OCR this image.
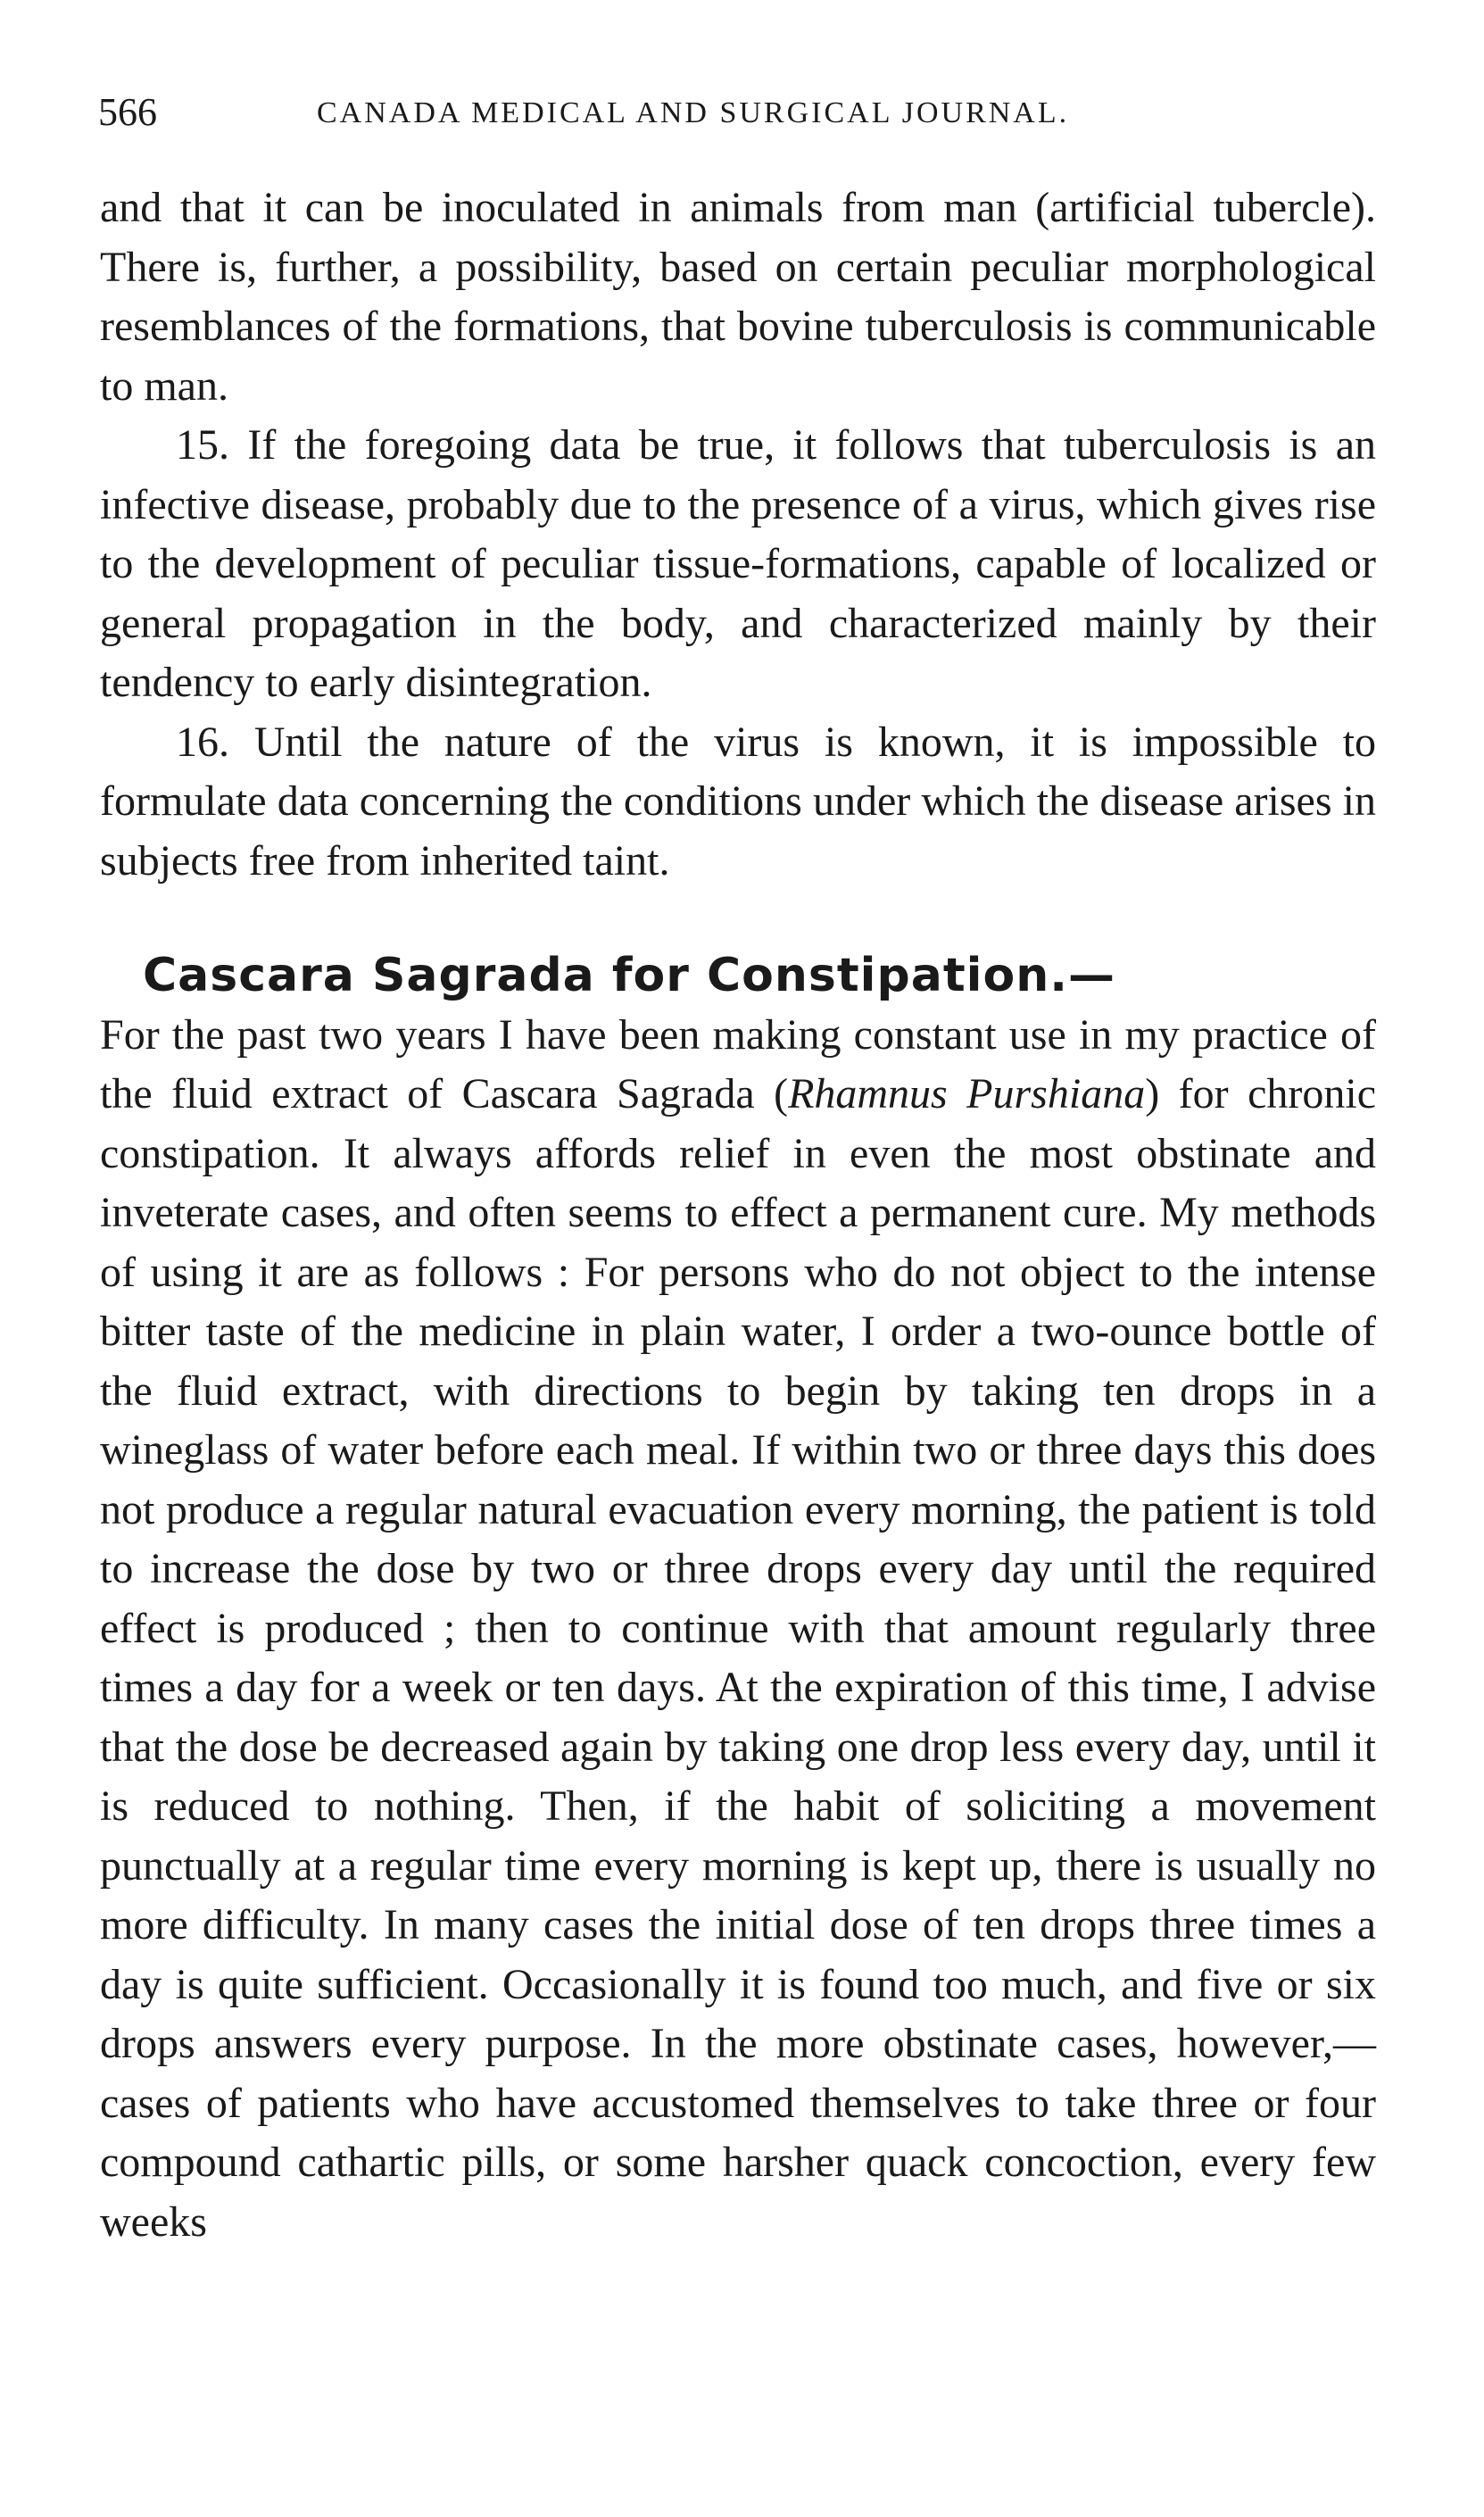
566	CANADA MEDICAL AND SURGICAL JOURNAL.

and that it can be inoculated in animals from man (artificial tubercle). There is, further, a possibility, based on certain peculiar morphological resemblances of the formations, that bovine tuberculosis is communicable to man.

15. If the foregoing data be true, it follows that tuberculosis is an infective disease, probably due to the presence of a virus, which gives rise to the development of peculiar tissue-formations, capable of localized or general propagation in the body, and characterized mainly by their tendency to early disintegration.

16. Until the nature of the virus is known, it is impossible to formulate data concerning the conditions under which the disease arises in subjects free from inherited taint.

Cascara Sagrada for Constipation.—

For the past two years I have been making constant use in my practice of the fluid extract of Cascara Sagrada (Rhamnus Purshiana) for chronic constipation. It always affords relief in even the most obstinate and inveterate cases, and often seems to effect a permanent cure. My methods of using it are as follows : For persons who do not object to the intense bitter taste of the medicine in plain water, I order a two-ounce bottle of the fluid extract, with directions to begin by taking ten drops in a wineglass of water before each meal. If within two or three days this does not produce a regular natural evacuation every morning, the patient is told to increase the dose by two or three drops every day until the required effect is produced ; then to continue with that amount regularly three times a day for a week or ten days. At the expiration of this time, I advise that the dose be decreased again by taking one drop less every day, until it is reduced to nothing. Then, if the habit of soliciting a movement punctually at a regular time every morning is kept up, there is usually no more difficulty. In many cases the initial dose of ten drops three times a day is quite sufficient. Occasionally it is found too much, and five or six drops answers every purpose. In the more obstinate cases, however,—cases of patients who have accustomed themselves to take three or four compound cathartic pills, or some harsher quack concoction, every few weeks
